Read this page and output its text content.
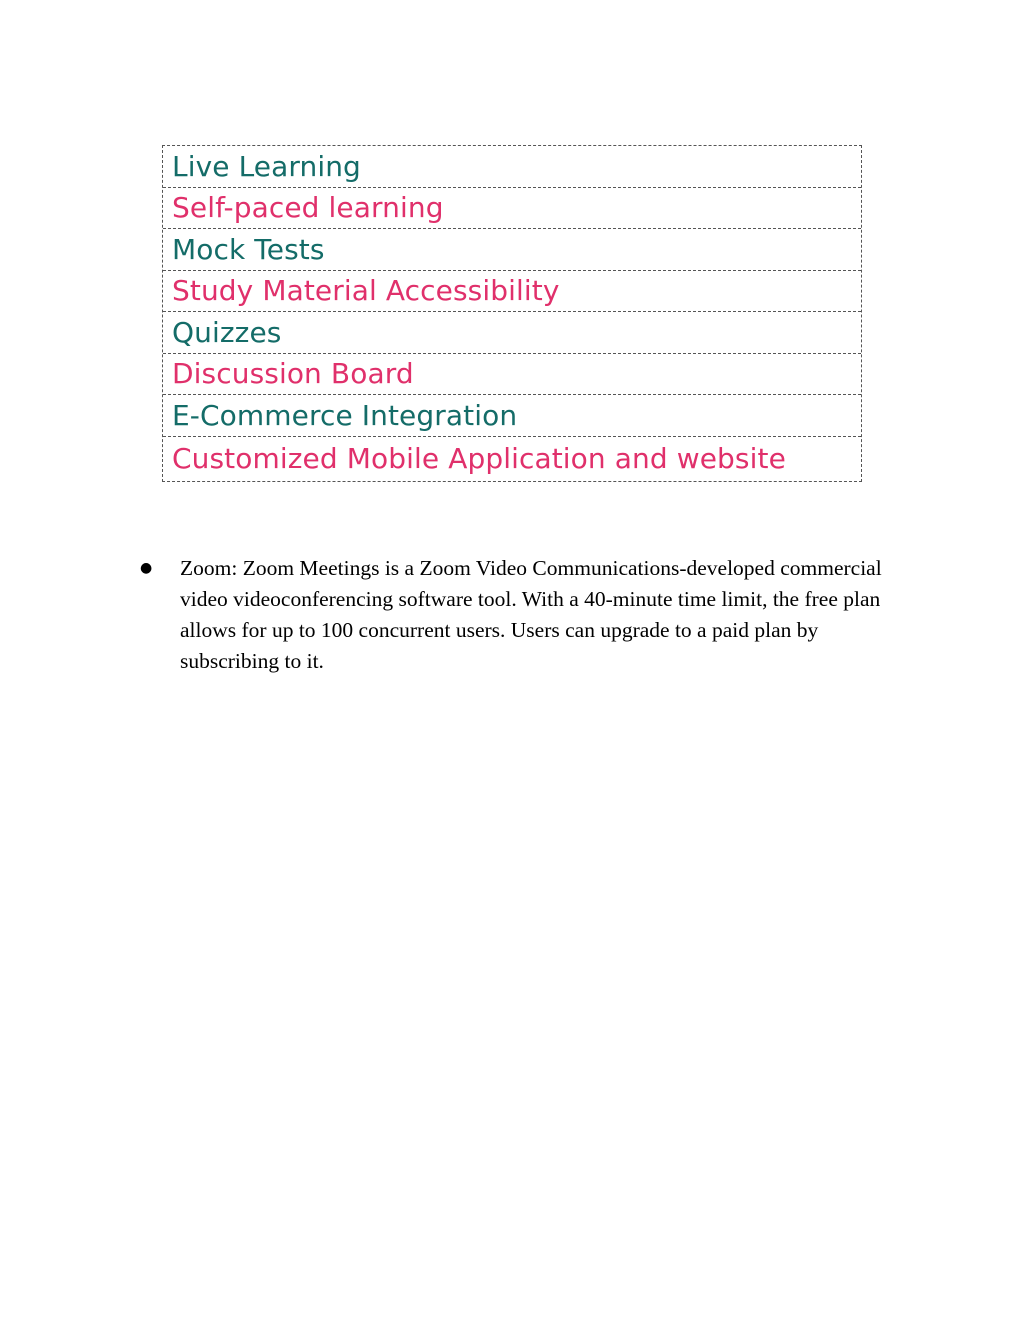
Live Learning
Self-paced learning
Mock Tests
Study Material Accessibility
Quizzes
Discussion Board
E-Commerce Integration
Customized Mobile Application and website
●	Zoom: Zoom Meetings is a Zoom Video Communications-developed commercial video videoconferencing software tool. With a 40-minute time limit, the free plan allows for up to 100 concurrent users. Users can upgrade to a paid plan by subscribing to it.
